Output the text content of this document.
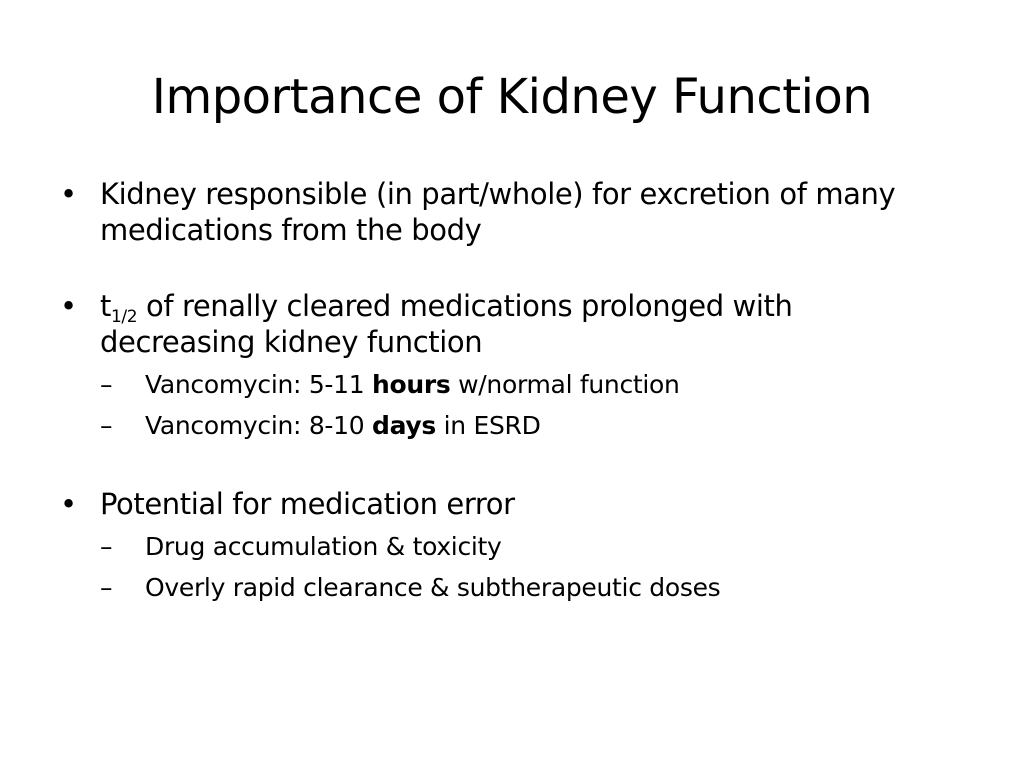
Importance of Kidney Function
• Kidney responsible (in part/whole) for excretion of many medications from the body
• $t_{1/2}$ of renally cleared medications prolonged with decreasing kidney function
–	Vancomycin: 5-11 hours w/normal function
–	Vancomycin: 8-10 days in ESRD
• Potential for medication error
–	Drug accumulation & toxicity
–	Overly rapid clearance & subtherapeutic doses
